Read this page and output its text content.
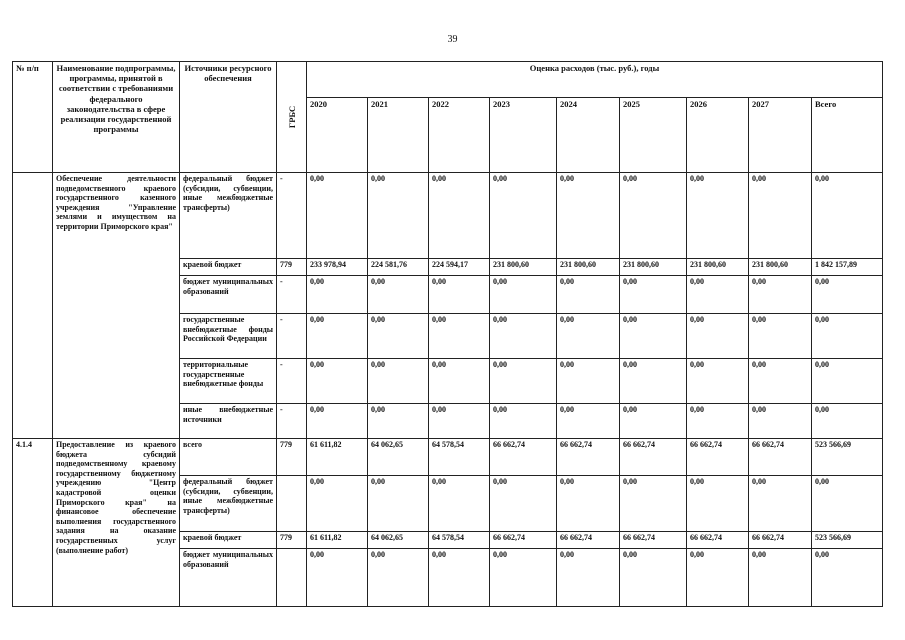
39
№ п/п	Наименование подпрограммы, программы, принятой в соответствии с требованиями федерального законодательства в сфере реализации государственной программы	Источники ресурсного обеспечения	ГРБС	Оценка расходов (тыс. руб.), годы								
				2020	2021	2022	2023	2024	2025	2026	2027	Всего
	Обеспечение деятельности подведомственного краевого государственного казенного учреждения "Управление землями и имуществом на территории Приморского края"	федеральный бюджет (субсидии, субвенции, иные межбюджетные трансферты)	-	0,00	0,00	0,00	0,00	0,00	0,00	0,00	0,00	0,00
		краевой бюджет	779	233 978,94	224 581,76	224 594,17	231 800,60	231 800,60	231 800,60	231 800,60	231 800,60	1 842 157,89
		бюджет муниципальных образований	-	0,00	0,00	0,00	0,00	0,00	0,00	0,00	0,00	0,00
		государственные внебюджетные фонды Российской Федерации	-	0,00	0,00	0,00	0,00	0,00	0,00	0,00	0,00	0,00
		территориальные государственные внебюджетные фонды	-	0,00	0,00	0,00	0,00	0,00	0,00	0,00	0,00	0,00
		иные внебюджетные источники	-	0,00	0,00	0,00	0,00	0,00	0,00	0,00	0,00	0,00
4.1.4	Предоставление из краевого бюджета субсидий подведомственному краевому государственному бюджетному учреждению "Центр кадастровой оценки Приморского края" на финансовое обеспечение выполнения государственного задания на оказание государственных услуг (выполнение работ)	всего	779	61 611,82	64 062,65	64 578,54	66 662,74	66 662,74	66 662,74	66 662,74	66 662,74	523 566,69
		федеральный бюджет (субсидии, субвенции, иные межбюджетные трансферты)		0,00	0,00	0,00	0,00	0,00	0,00	0,00	0,00	0,00
		краевой бюджет	779	61 611,82	64 062,65	64 578,54	66 662,74	66 662,74	66 662,74	66 662,74	66 662,74	523 566,69
		бюджет муниципальных образований		0,00	0,00	0,00	0,00	0,00	0,00	0,00	0,00	0,00
